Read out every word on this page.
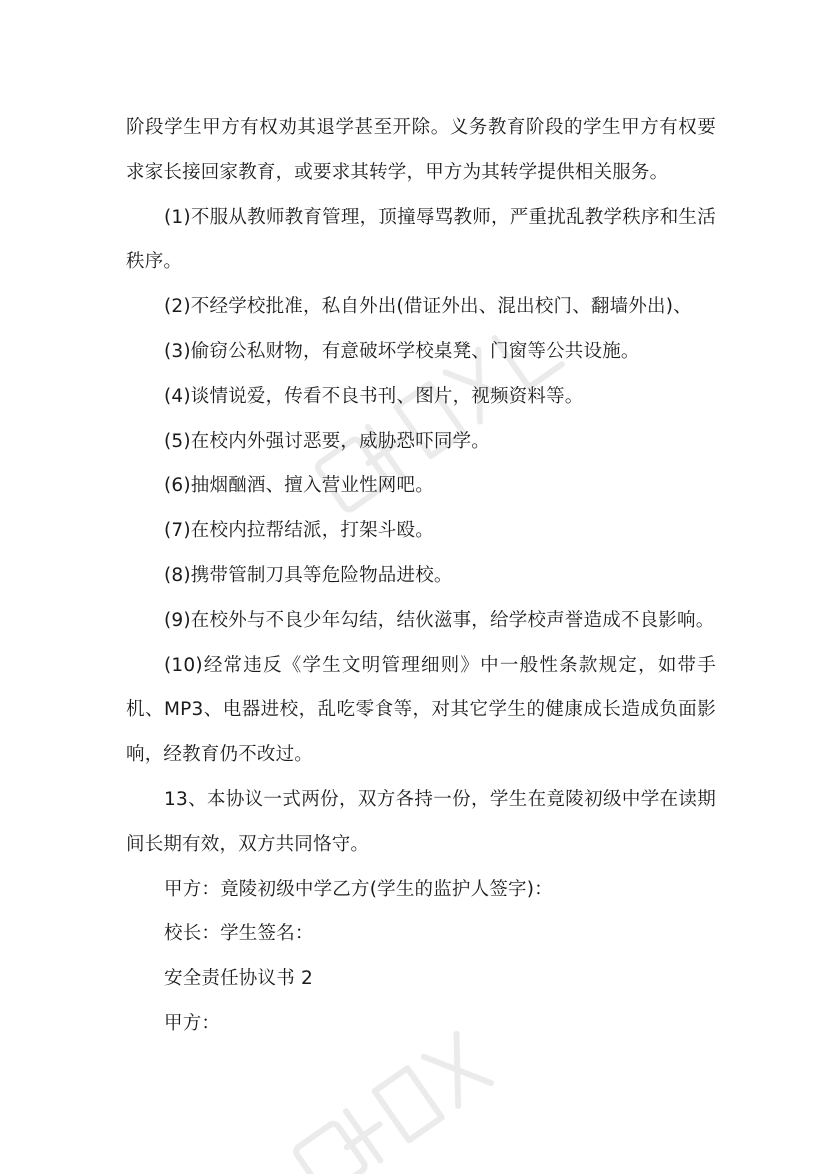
阶段学生甲方有权劝其退学甚至开除。义务教育阶段的学生甲方有权要求家长接回家教育，或要求其转学，甲方为其转学提供相关服务。

(1)不服从教师教育管理，顶撞辱骂教师，严重扰乱教学秩序和生活秩序。

(2)不经学校批准，私自外出(借证外出、混出校门、翻墙外出)、

(3)偷窃公私财物，有意破坏学校桌凳、门窗等公共设施。

(4)谈情说爱，传看不良书刊、图片，视频资料等。

(5)在校内外强讨恶要，威胁恐吓同学。

(6)抽烟酗酒、擅入营业性网吧。

(7)在校内拉帮结派，打架斗殴。

(8)携带管制刀具等危险物品进校。

(9)在校外与不良少年勾结，结伙滋事，给学校声誉造成不良影响。

(10)经常违反《学生文明管理细则》中一般性条款规定，如带手机、MP3、电器进校，乱吃零食等，对其它学生的健康成长造成负面影响，经教育仍不改过。

13、本协议一式两份，双方各持一份，学生在竟陵初级中学在读期间长期有效，双方共同恪守。

甲方：竟陵初级中学乙方(学生的监护人签字)：

校长：学生签名：

安全责任协议书 2

甲方：
